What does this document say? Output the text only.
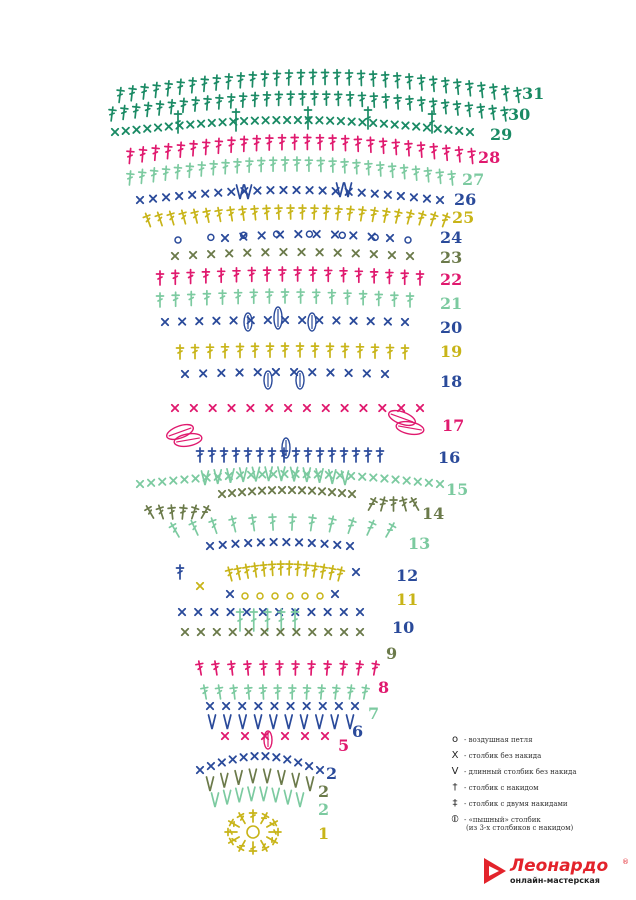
31
30
29
28
27
26
25
24
23
22
21
20
19
18
17
16
15
14
13
12
11
10
9
8
7
6
5
2
2
2
1
o - воздушная петля
X - столбик без накида
V - длинный столбик без накида
† - столбик с накидом
‡ - столбик с двумя накидами
⦶ - «пышный» столбик
(из 3-х столбиков с накидом)
Леонардо ®
онлайн-мастерская
